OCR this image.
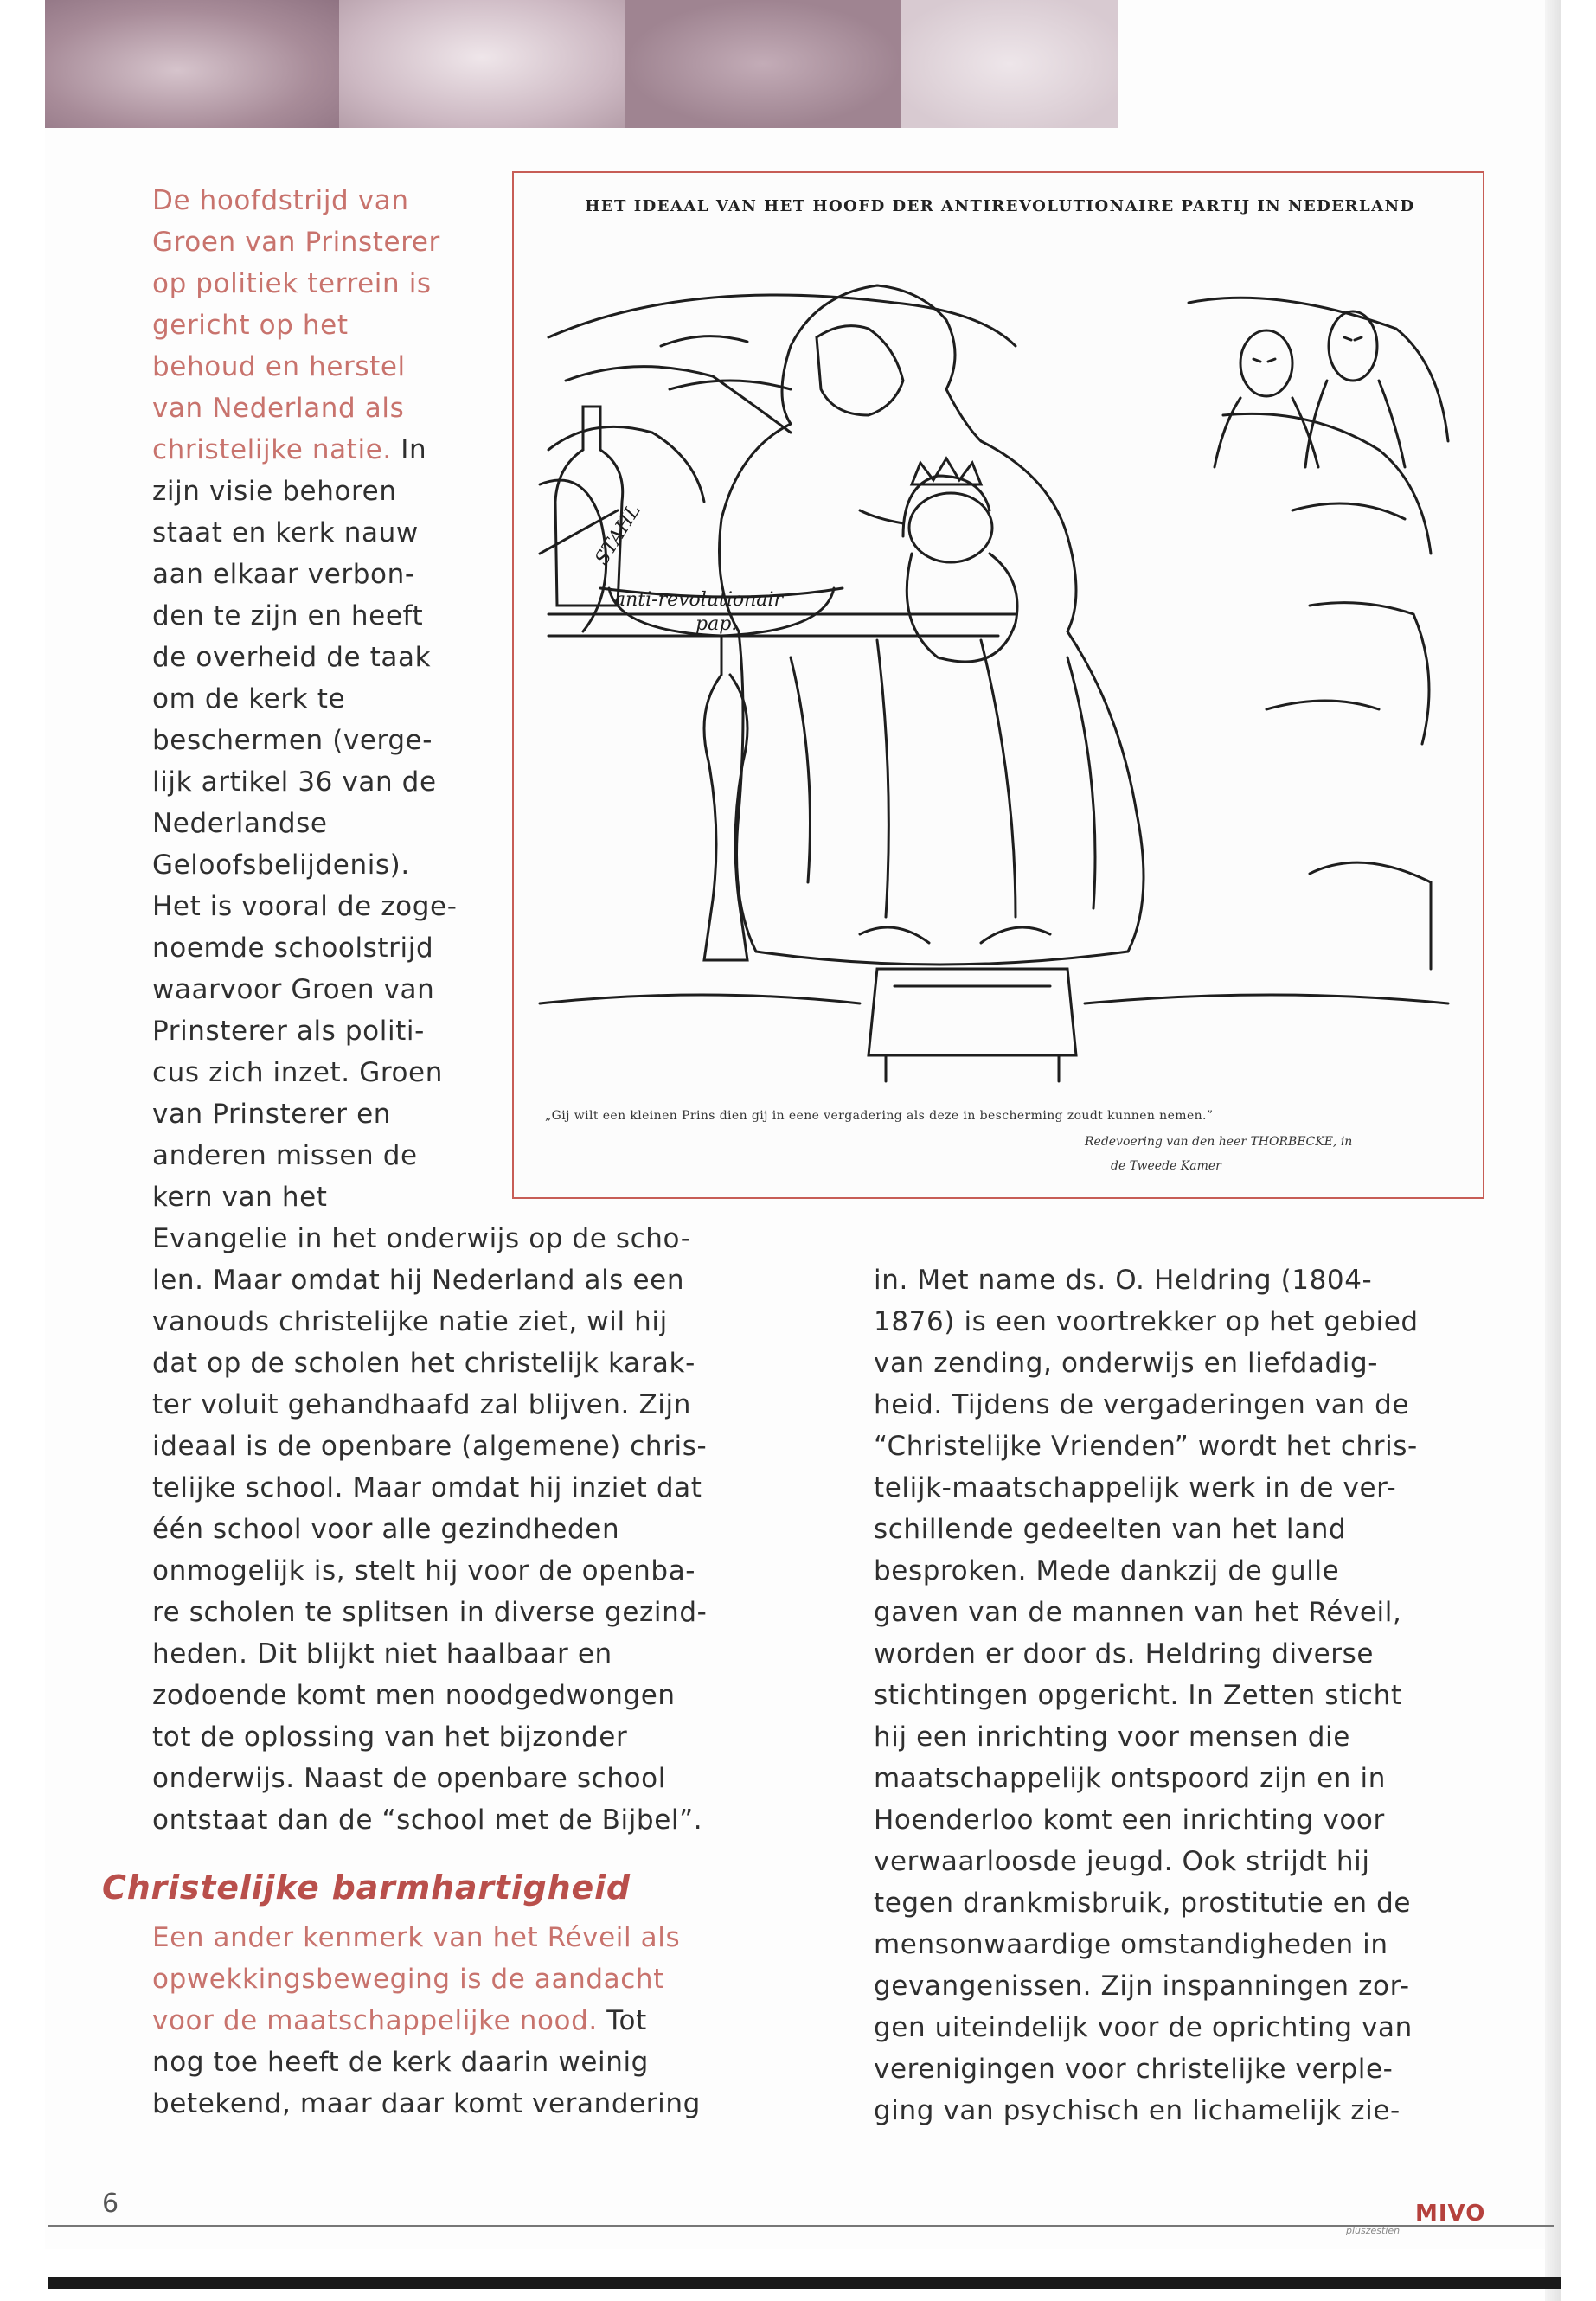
De hoofdstrijd van
Groen van Prinsterer
op politiek terrein is
gericht op het
behoud en herstel
van Nederland als
christelijke natie. In
zijn visie behoren
staat en kerk nauw
aan elkaar verbon-
den te zijn en heeft
de overheid de taak
om de kerk te
beschermen (verge-
lijk artikel 36 van de
Nederlandse
Geloofsbelijdenis).
Het is vooral de zoge-
noemde schoolstrijd
waarvoor Groen van
Prinsterer als politi-
cus zich inzet. Groen
van Prinsterer en
anderen missen de
kern van het

HET IDEAAL VAN HET HOOFD DER ANTIREVOLUTIONAIRE PARTIJ IN NEDERLAND

STAHL
anti-revolutionair
pap.

„Gij wilt een kleinen Prins dien gij in eene vergadering als deze in bescherming zoudt kunnen nemen.”

Redevoering van den heer THORBECKE, in

de Tweede Kamer

Evangelie in het onderwijs op de scho-
len. Maar omdat hij Nederland als een
vanouds christelijke natie ziet, wil hij
dat op de scholen het christelijk karak-
ter voluit gehandhaafd zal blijven. Zijn
ideaal is de openbare (algemene) chris-
telijke school. Maar omdat hij inziet dat
één school voor alle gezindheden
onmogelijk is, stelt hij voor de openba-
re scholen te splitsen in diverse gezind-
heden. Dit blijkt niet haalbaar en
zodoende komt men noodgedwongen
tot de oplossing van het bijzonder
onderwijs. Naast de openbare school
ontstaat dan de “school met de Bijbel”.

Christelijke barmhartigheid

Een ander kenmerk van het Réveil als
opwekkingsbeweging is de aandacht
voor de maatschappelijke nood. Tot
nog toe heeft de kerk daarin weinig
betekend, maar daar komt verandering

in. Met name ds. O. Heldring (1804-
1876) is een voortrekker op het gebied
van zending, onderwijs en liefdadig-
heid. Tijdens de vergaderingen van de
“Christelijke Vrienden” wordt het chris-
telijk-maatschappelijk werk in de ver-
schillende gedeelten van het land
besproken. Mede dankzij de gulle
gaven van de mannen van het Réveil,
worden er door ds. Heldring diverse
stichtingen opgericht. In Zetten sticht
hij een inrichting voor mensen die
maatschappelijk ontspoord zijn en in
Hoenderloo komt een inrichting voor
verwaarloosde jeugd. Ook strijdt hij
tegen drankmisbruik, prostitutie en de
mensonwaardige omstandigheden in
gevangenissen. Zijn inspanningen zor-
gen uiteindelijk voor de oprichting van
verenigingen voor christelijke verple-
ging van psychisch en lichamelijk zie-

6	MIVO

pluszestien
